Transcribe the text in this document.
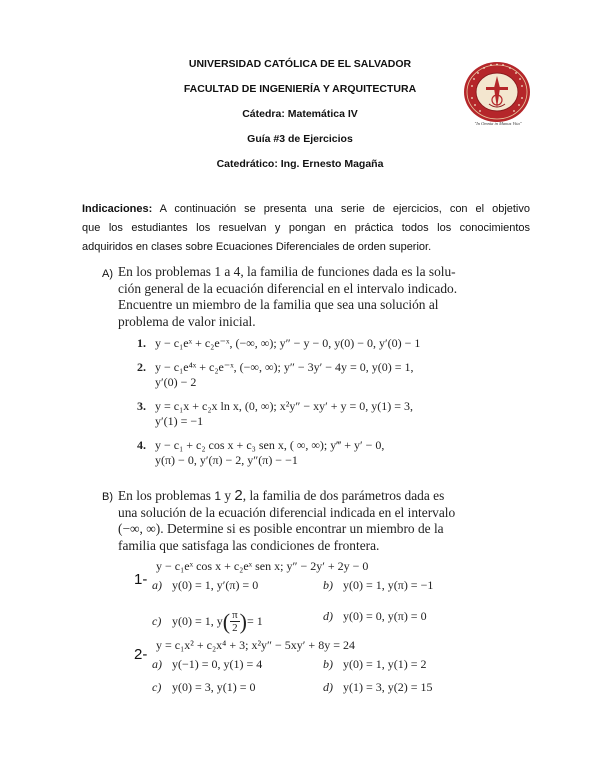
UNIVERSIDAD CATÓLICA DE EL SALVADOR
FACULTAD DE INGENIERÍA Y ARQUITECTURA
Cátedra: Matemática IV
Guía #3 de Ejercicios
Catedrático: Ing. Ernesto Magaña
"In Omnia in Manus Vita"
Indicaciones: A continuación se presenta una serie de ejercicios, con el objetivo
que los estudiantes los resuelvan y pongan en práctica todos los conocimientos
adquiridos en clases sobre Ecuaciones Diferenciales de orden superior.
A) En los problemas 1 a 4, la familia de funciones dada es la solu-
ción general de la ecuación diferencial en el intervalo indicado.
Encuentre un miembro de la familia que sea una solución al
problema de valor inicial.
1. y − c₁eˣ + c₂e⁻ˣ, (−∞, ∞); y″ − y − 0, y(0) − 0, y′(0) − 1
2. y − c₁e⁴ˣ + c₂e⁻ˣ, (−∞, ∞); y″ − 3y′ − 4y = 0, y(0) = 1,
y′(0) − 2
3. y = c₁x + c₂x ln x, (0, ∞); x²y″ − xy′ + y = 0, y(1) = 3,
y′(1) = −1
4. y − c₁ + c₂ cos x + c₃ sen x, ( ∞, ∞); y‴ + y′ − 0,
y(π) − 0, y′(π) − 2, y″(π) − −1
B) En los problemas 1 y 2, la familia de dos parámetros dada es
una solución de la ecuación diferencial indicada en el intervalo
(−∞, ∞). Determine si es posible encontrar un miembro de la
familia que satisfaga las condiciones de frontera.
1-
y − c₁eˣ cos x + c₂eˣ sen x; y″ − 2y′ + 2y − 0
a) y(0) = 1, y′(π) = 0	b) y(0) = 1, y(π) = −1
c) y(0) = 1, y ( π
2 ) = 1	d) y(0) = 0, y(π) = 0
2-
y = c₁x² + c₂x⁴ + 3; x²y″ − 5xy′ + 8y = 24
a) y(−1) = 0, y(1) = 4	b) y(0) = 1, y(1) = 2
c) y(0) = 3, y(1) = 0	d) y(1) = 3, y(2) = 15
